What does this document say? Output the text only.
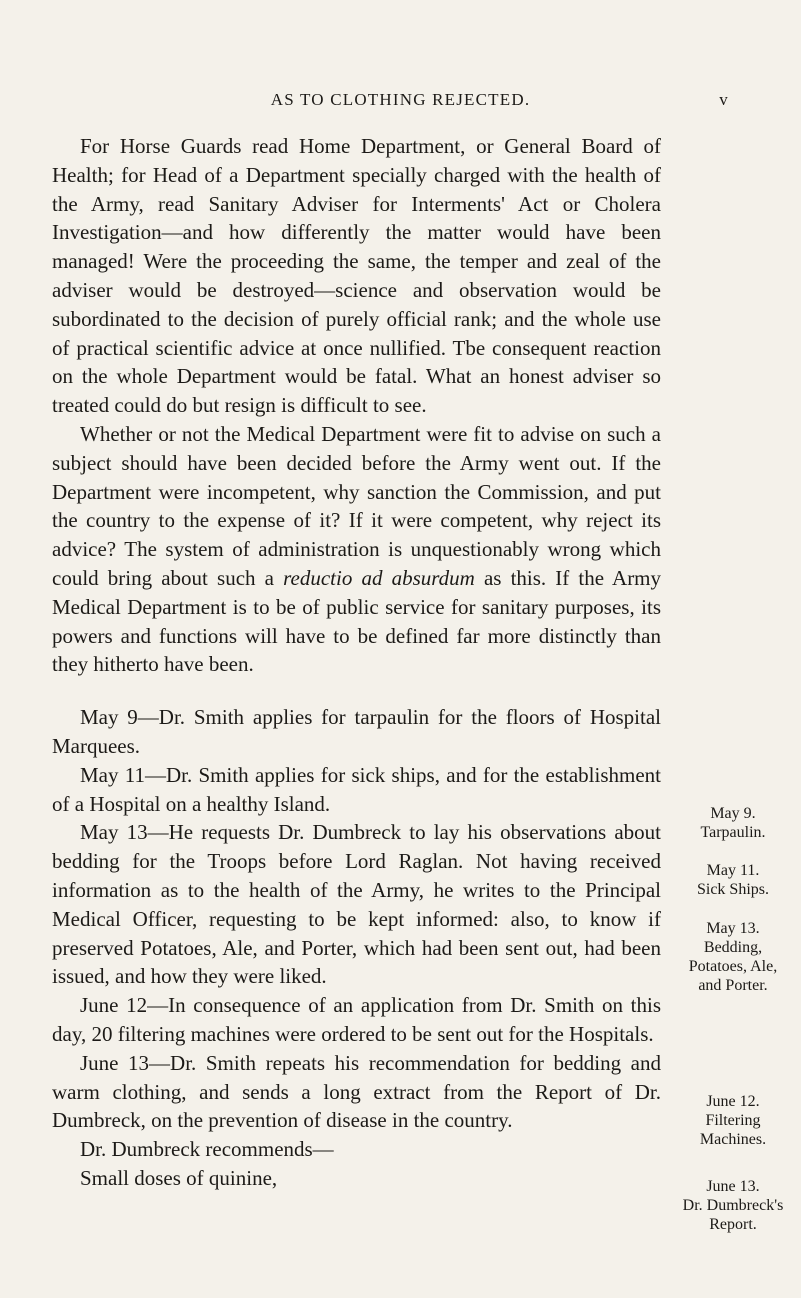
AS TO CLOTHING REJECTED.	v

For Horse Guards read Home Department, or General Board of Health; for Head of a Department specially charged with the health of the Army, read Sanitary Adviser for Interments' Act or Cholera Investigation—and how differently the matter would have been managed! Were the proceeding the same, the temper and zeal of the adviser would be destroyed—science and observation would be subordinated to the decision of purely official rank; and the whole use of practical scientific advice at once nullified. Tbe consequent reaction on the whole Department would be fatal. What an honest adviser so treated could do but resign is difficult to see.

Whether or not the Medical Department were fit to advise on such a subject should have been decided before the Army went out. If the Department were incompetent, why sanction the Commission, and put the country to the expense of it? If it were competent, why reject its advice? The system of administration is unquestionably wrong which could bring about such a reductio ad absurdum as this. If the Army Medical Department is to be of public service for sanitary purposes, its powers and functions will have to be defined far more distinctly than they hitherto have been.

May 9—Dr. Smith applies for tarpaulin for the floors of Hospital Marquees.

May 11—Dr. Smith applies for sick ships, and for the establishment of a Hospital on a healthy Island.

May 13—He requests Dr. Dumbreck to lay his observations about bedding for the Troops before Lord Raglan. Not having received information as to the health of the Army, he writes to the Principal Medical Officer, requesting to be kept informed: also, to know if preserved Potatoes, Ale, and Porter, which had been sent out, had been issued, and how they were liked.

June 12—In consequence of an application from Dr. Smith on this day, 20 filtering machines were ordered to be sent out for the Hospitals.

June 13—Dr. Smith repeats his recommendation for bedding and warm clothing, and sends a long extract from the Report of Dr. Dumbreck, on the prevention of disease in the country.

Dr. Dumbreck recommends—

Small doses of quinine,

May 9.
Tarpaulin.
May 11.
Sick Ships.
May 13.
Bedding, Potatoes, Ale, and Porter.
June 12.
Filtering Machines.
June 13.
Dr. Dumbreck's Report.
